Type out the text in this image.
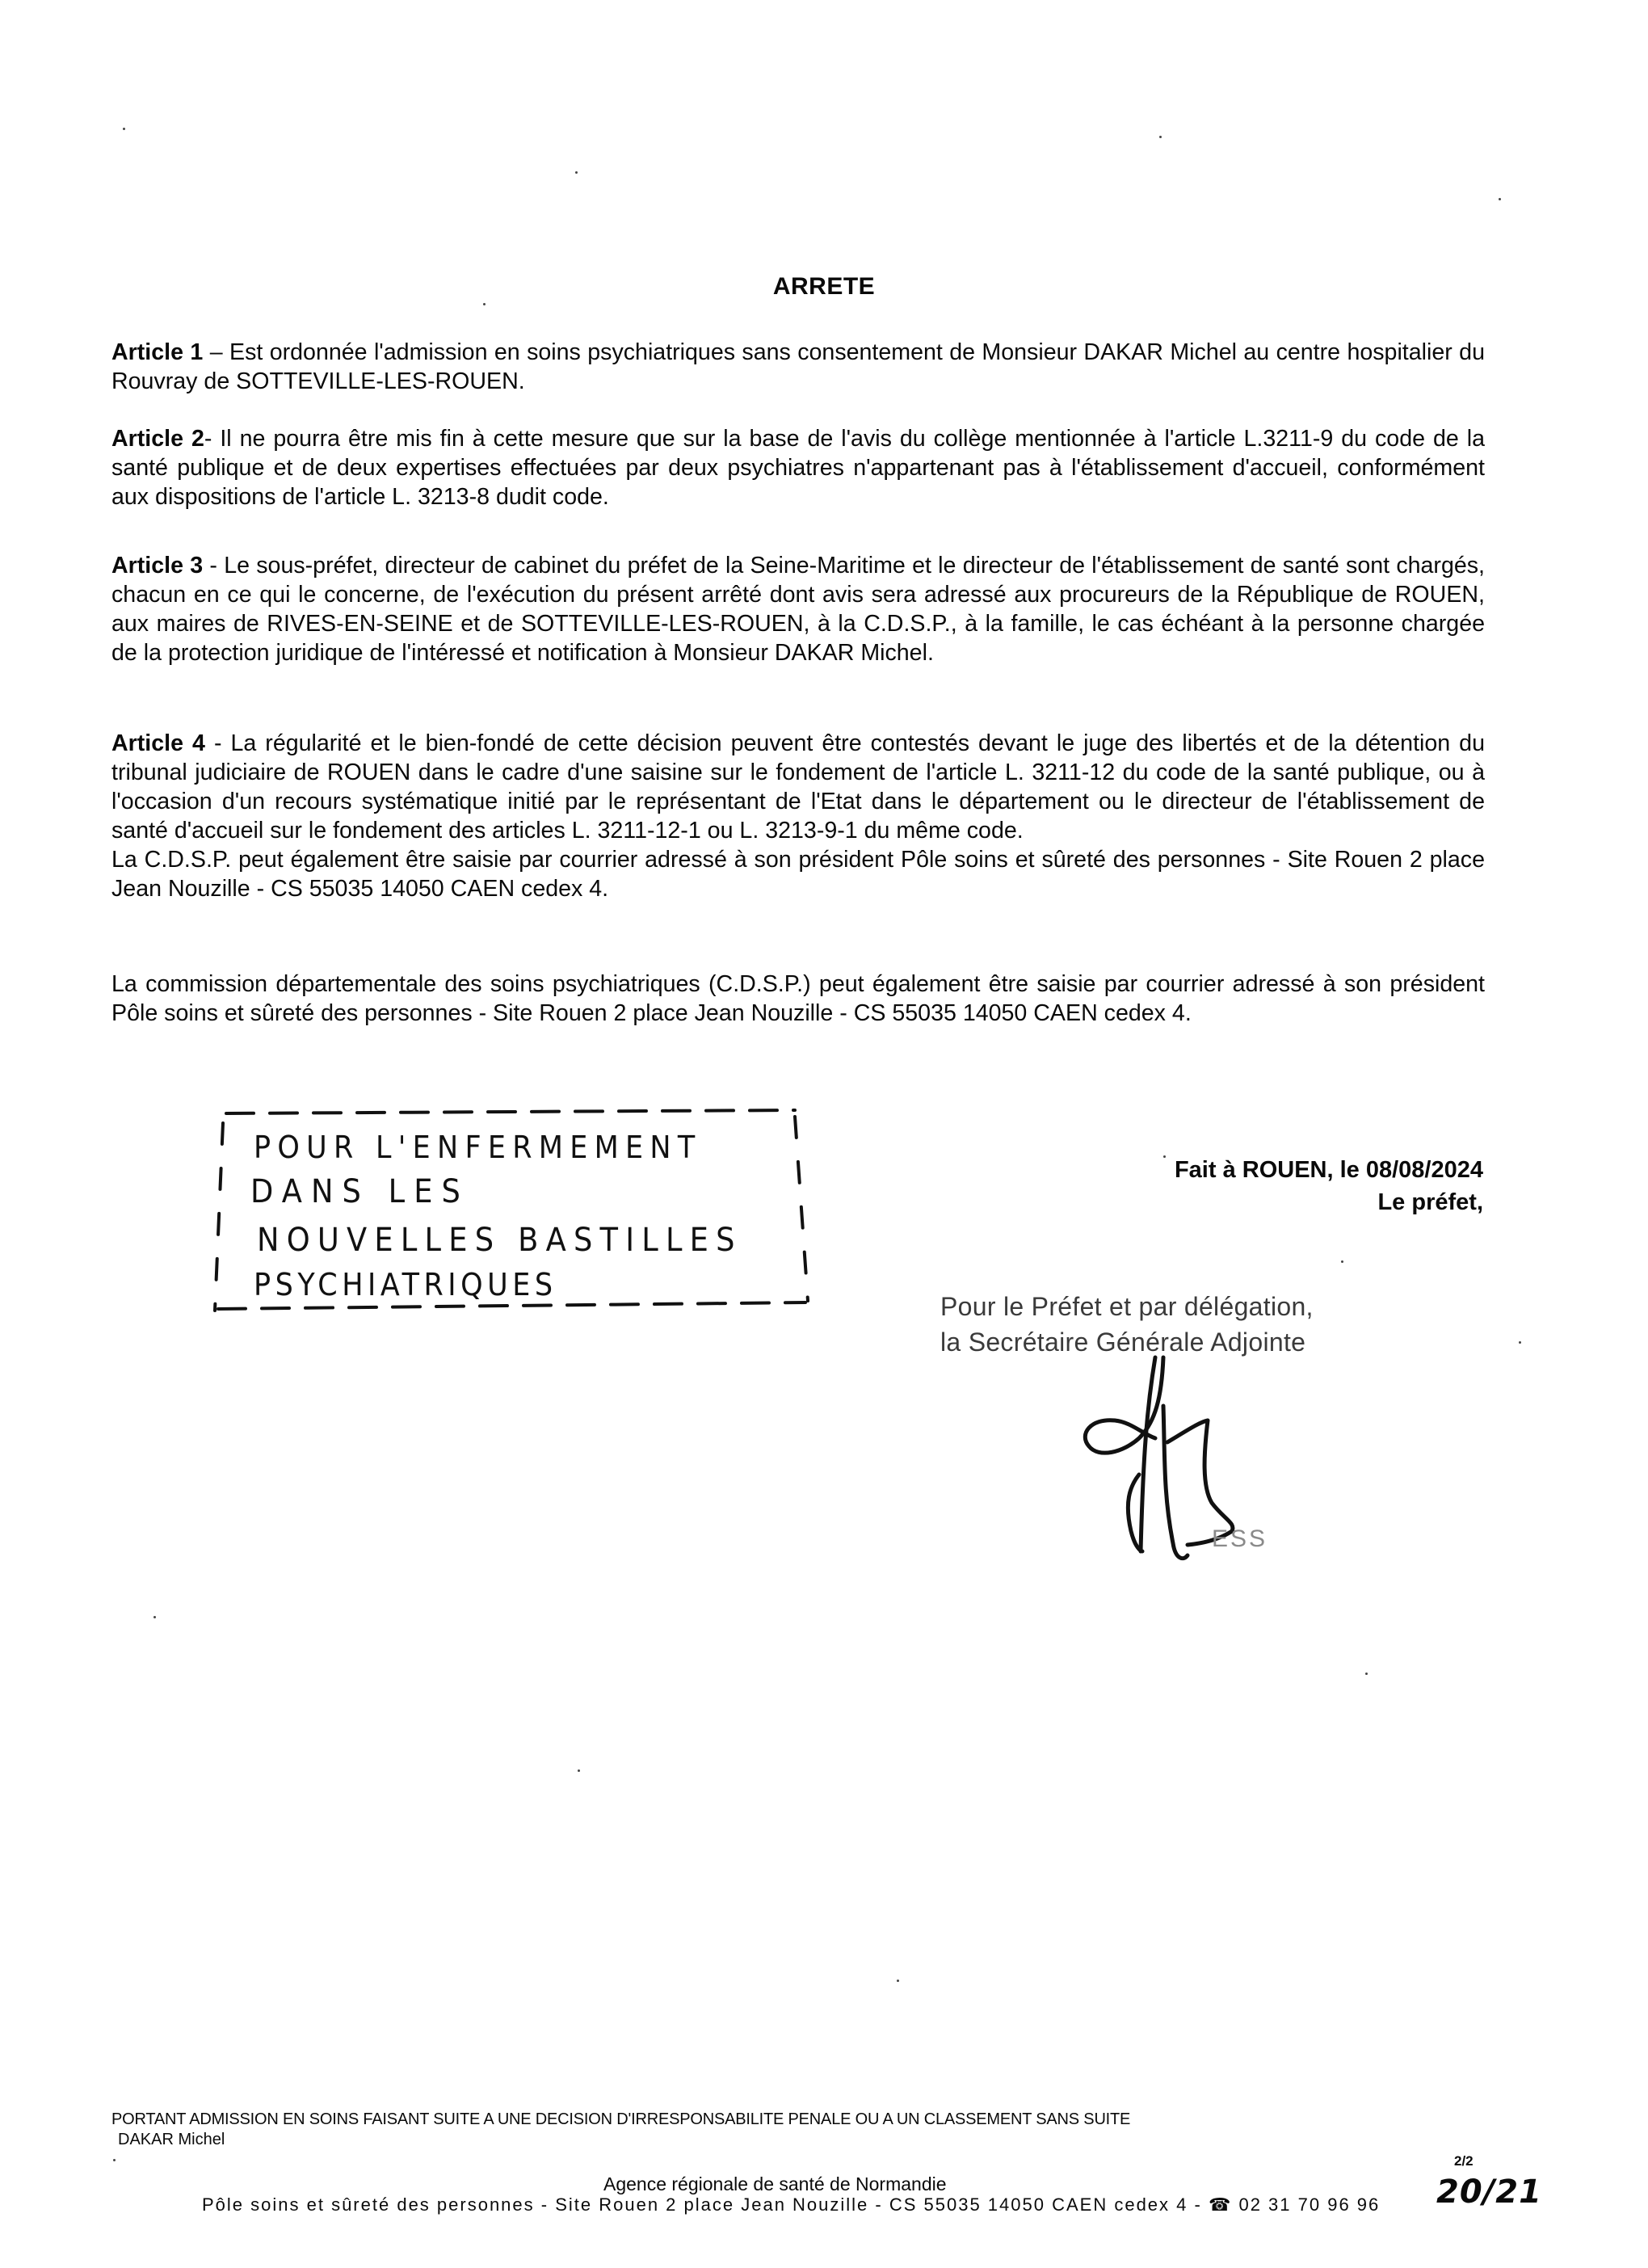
ARRETE

Article 1 – Est ordonnée l'admission en soins psychiatriques sans consentement de Monsieur DAKAR Michel au centre hospitalier du Rouvray de SOTTEVILLE-LES-ROUEN.

Article 2- Il ne pourra être mis fin à cette mesure que sur la base de l'avis du collège mentionnée à l'article L.3211-9 du code de la santé publique et de deux expertises effectuées par deux psychiatres n'appartenant pas à l'établissement d'accueil, conformément aux dispositions de l'article L. 3213-8 dudit code.

Article 3 - Le sous-préfet, directeur de cabinet du préfet de la Seine-Maritime et le directeur de l'établissement de santé sont chargés, chacun en ce qui le concerne, de l'exécution du présent arrêté dont avis sera adressé aux procureurs de la République de ROUEN, aux maires de RIVES-EN-SEINE et de SOTTEVILLE-LES-ROUEN, à la C.D.S.P., à la famille, le cas échéant à la personne chargée de la protection juridique de l'intéressé et notification à Monsieur DAKAR Michel.

Article 4 - La régularité et le bien-fondé de cette décision peuvent être contestés devant le juge des libertés et de la détention du tribunal judiciaire de ROUEN dans le cadre d'une saisine sur le fondement de l'article L. 3211-12 du code de la santé publique, ou à l'occasion d'un recours systématique initié par le représentant de l'Etat dans le département ou le directeur de l'établissement de santé d'accueil sur le fondement des articles L. 3211-12-1 ou L. 3213-9-1 du même code.

La C.D.S.P. peut également être saisie par courrier adressé à son président Pôle soins et sûreté des personnes - Site Rouen 2 place Jean Nouzille - CS 55035 14050 CAEN cedex 4.

La commission départementale des soins psychiatriques (C.D.S.P.) peut également être saisie par courrier adressé à son président Pôle soins et sûreté des personnes - Site Rouen 2 place Jean Nouzille - CS 55035 14050 CAEN cedex 4.

POUR L'ENFERMEMENT
DANS LES
NOUVELLES BASTILLES
PSYCHIATRIQUES
Fait à ROUEN, le 08/08/2024
Le préfet,
Pour le Préfet et par délégation,
la Secrétaire Générale Adjointe
ESS
PORTANT ADMISSION EN SOINS FAISANT SUITE A UNE DECISION D'IRRESPONSABILITE PENALE OU A UN CLASSEMENT SANS SUITE
DAKAR Michel
2/2
Agence régionale de santé de Normandie
Pôle soins et sûreté des personnes - Site Rouen 2 place Jean Nouzille - CS 55035 14050 CAEN cedex 4 - ☎ 02 31 70 96 96	20/21
